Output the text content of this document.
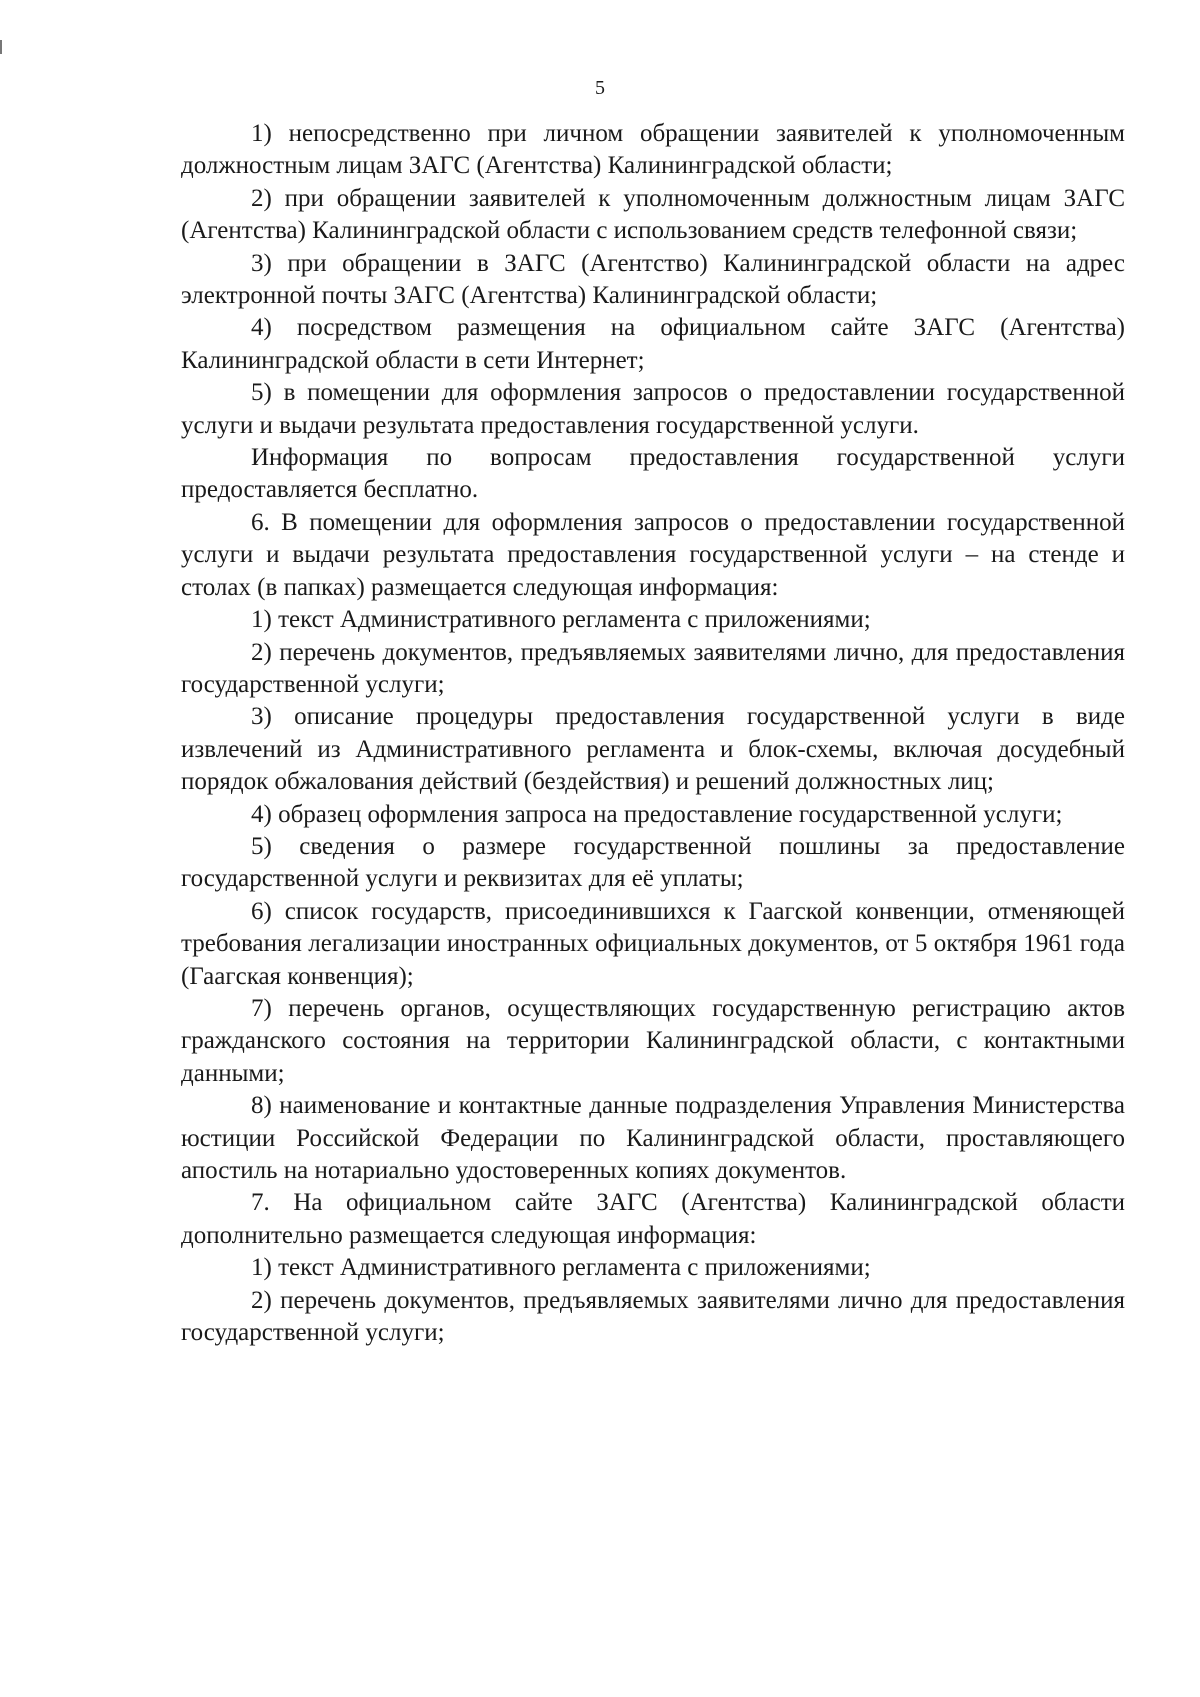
5

1) непосредственно при личном обращении заявителей к уполномоченным должностным лицам ЗАГС (Агентства) Калининградской области;

2) при обращении заявителей к уполномоченным должностным лицам ЗАГС (Агентства) Калининградской области с использованием средств телефонной связи;

3) при обращении в ЗАГС (Агентство) Калининградской области на адрес электронной почты ЗАГС (Агентства) Калининградской области;

4) посредством размещения на официальном сайте ЗАГС (Агентства) Калининградской области в сети Интернет;

5) в помещении для оформления запросов о предоставлении государственной услуги и выдачи результата предоставления государственной услуги.

Информация по вопросам предоставления государственной услуги предоставляется бесплатно.

6. В помещении для оформления запросов о предоставлении государственной услуги и выдачи результата предоставления государственной услуги – на стенде и столах (в папках) размещается следующая информация:

1) текст Административного регламента с приложениями;

2) перечень документов, предъявляемых заявителями лично, для предоставления государственной услуги;

3) описание процедуры предоставления государственной услуги в виде извлечений из Административного регламента и блок-схемы, включая досудебный порядок обжалования действий (бездействия) и решений должностных лиц;

4) образец оформления запроса на предоставление государственной услуги;

5) сведения о размере государственной пошлины за предоставление государственной услуги и реквизитах для её уплаты;

6) список государств, присоединившихся к Гаагской конвенции, отменяющей требования легализации иностранных официальных документов, от 5 октября 1961 года (Гаагская конвенция);

7) перечень органов, осуществляющих государственную регистрацию актов гражданского состояния на территории Калининградской области, с контактными данными;

8) наименование и контактные данные подразделения Управления Министерства юстиции Российской Федерации по Калининградской области, проставляющего апостиль на нотариально удостоверенных копиях документов.

7. На официальном сайте ЗАГС (Агентства) Калининградской области дополнительно размещается следующая информация:

1) текст Административного регламента с приложениями;

2) перечень документов, предъявляемых заявителями лично для предоставления государственной услуги;
